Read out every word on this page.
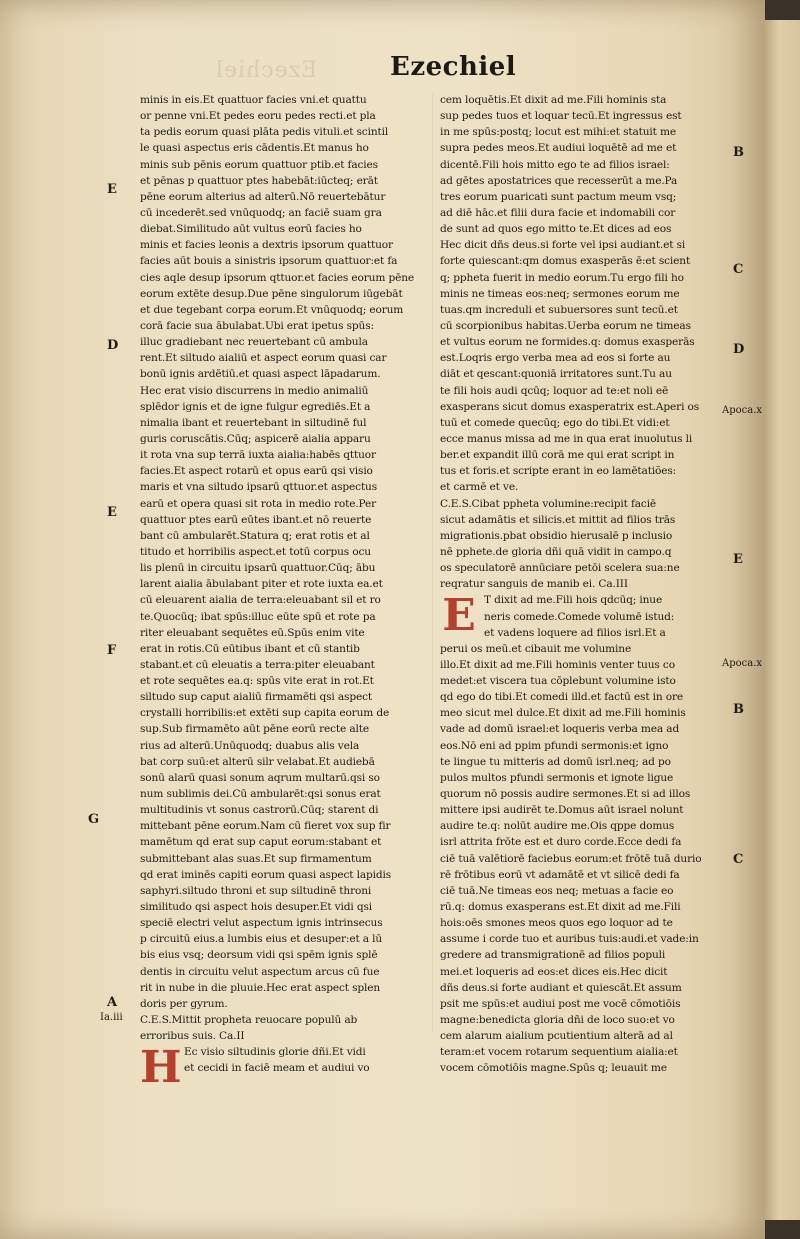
Ezechiel	Ezechiel
minis in eis.Et quattuor facies vni.et quattu
or penne vni.Et pedes eoru pedes recti.et pla
ta pedis eorum quasi plāta pedis vituli.et scintil
le quasi aspectus eris cādentis.Et manus ho
minis sub pēnis eorum quattuor ptib.et facies
et pēnas p quattuor ptes habebāt:iūcteq; erāt
pēne eorum alterius ad alterū.Nō reuertebātur
cū incederēt.sed vnūquodq; an faciē suam gra
diebat.Similitudo aūt vultus eorū facies ho
minis et facies leonis a dextris ipsorum quattuor
facies aūt bouis a sinistris ipsorum quattuor:et fa
cies aqle desup ipsorum qttuor.et facies eorum pēne
eorum extēte desup.Due pēne singulorum iūgebāt
et due tegebant corpa eorum.Et vnūquodq; eorum
corā facie sua ābulabat.Ubi erat ipetus spūs:
illuc gradiebant nec reuertebant cū ambula
rent.Et siltudo aialiū et aspect eorum quasi car
bonū ignis ardētiū.et quasi aspect lāpadarum.
Hec erat visio discurrens in medio animaliū
splēdor ignis et de igne fulgur egrediēs.Et a
nimalia ibant et reuertebant in siltudinē ful
guris coruscātis.Cūq; aspicerē aialia apparu
it rota vna sup terrā iuxta aialia:habēs qttuor
facies.Et aspect rotarū et opus earū qsi visio
maris et vna siltudo ipsarū qttuor.et aspectus
earū et opera quasi sit rota in medio rote.Per
quattuor ptes earū eūtes ibant.et nō reuerte
bant cū ambularēt.Statura q; erat rotis et al
titudo et horribilis aspect.et totū corpus ocu
lis plenū in circuitu ipsarū quattuor.Cūq; ābu
larent aialia ābulabant piter et rote iuxta ea.et
cū eleuarent aialia de terra:eleuabant sil et ro
te.Quocūq; ibat spūs:illuc eūte spū et rote pa
riter eleuabant sequētes eū.Spūs enim vite
erat in rotis.Cū eūtibus ibant et cū stantib
stabant.et cū eleuatis a terra:piter eleuabant
et rote sequētes ea.q: spūs vite erat in rot.Et
siltudo sup caput aialiū firmamēti qsi aspect
crystalli horribilis:et extēti sup capita eorum de
sup.Sub firmamēto aūt pēne eorū recte alte
rius ad alterū.Unūquodq; duabus alis vela
bat corp suū:et alterū silr velabat.Et audiebā
sonū alarū quasi sonum aqrum multarū.qsi so
num sublimis dei.Cū ambularēt:qsi sonus erat
multitudinis vt sonus castrorū.Cūq; starent di
mittebant pēne eorum.Nam cū fieret vox sup fir
mamētum qd erat sup caput eorum:stabant et
submittebant alas suas.Et sup firmamentum
qd erat iminēs capiti eorum quasi aspect lapidis
saphyri.siltudo throni et sup siltudinē throni
similitudo qsi aspect hois desuper.Et vidi qsi
speciē electri velut aspectum ignis intrinsecus
p circuitū eius.a lumbis eius et desuper:et a lū
bis eius vsq; deorsum vidi qsi spēm ignis splē
dentis in circuitu velut aspectum arcus cū fue
rit in nube in die pluuie.Hec erat aspect splen
doris per gyrum.
C.E.S.Mittit propheta reuocare populū ab
erroribus suis. Ca.II
H Ec visio siltudinis glorie dñi.Et vidi
et cecidi in faciē meam et audiui vo
cem loquētis.Et dixit ad me.Fili hominis sta
sup pedes tuos et loquar tecū.Et ingressus est
in me spūs:postq; locut est mihi:et statuit me
supra pedes meos.Et audiui loquētē ad me et
dicentē.Fili hois mitto ego te ad filios israel:
ad gētes apostatrices que recesserūt a me.Pa
tres eorum puaricati sunt pactum meum vsq;
ad diē hāc.et filii dura facie et indomabili cor
de sunt ad quos ego mitto te.Et dices ad eos
Hec dicit dñs deus.si forte vel ipsi audiant.et si
forte quiescant:qm domus exasperās ē:et scient
q; ppheta fuerit in medio eorum.Tu ergo fili ho
minis ne timeas eos:neq; sermones eorum me
tuas.qm increduli et subuersores sunt tecū.et
cū scorpionibus habitas.Uerba eorum ne timeas
et vultus eorum ne formides.q: domus exasperās
est.Loqris ergo verba mea ad eos si forte au
diāt et qescant:quoniā irritatores sunt.Tu au
te fili hois audi qcūq; loquor ad te:et noli eē
exasperans sicut domus exasperatrix est.Aperi os
tuū et comede quecūq; ego do tibi.Et vidi:et
ecce manus missa ad me in qua erat inuolutus li
ber.et expandit illū corā me qui erat script in
tus et foris.et scripte erant in eo lamētatiões:
et carmē et ve.
C.E.S.Cibat ppheta volumine:recipit faciē
sicut adamātis et silicis.et mittit ad filios trās
migrationis.pbat obsidio hierusalē p inclusio
nē pphete.de gloria dñi quā vidit in campo.q
os speculatorē annūciare petōi scelera sua:ne
reqratur sanguis de manib ei. Ca.III
E T dixit ad me.Fili hois qdcūq; inue
neris comede.Comede volumē istud:
et vadens loquere ad filios isrl.Et a
perui os meū.et cibauit me volumine
illo.Et dixit ad me.Fili hominis venter tuus co
medet:et viscera tua cōplebunt volumine isto
qd ego do tibi.Et comedi illd.et factū est in ore
meo sicut mel dulce.Et dixit ad me.Fili hominis
vade ad domū israel:et loqueris verba mea ad
eos.Nō eni ad ppim pfundi sermonis:et igno
te lingue tu mitteris ad domū isrl.neq; ad po
pulos multos pfundi sermonis et ignote ligue
quorum nō possis audire sermones.Et si ad illos
mittere ipsi audirēt te.Domus aūt israel nolunt
audire te.q: nolūt audire me.Ois qppe domus
isrl attrita frōte est et duro corde.Ecce dedi fa
ciē tuā valētiorē faciebus eorum:et frōtē tuā durio
rē frōtibus eorū vt adamātē et vt silicē dedi fa
ciē tuā.Ne timeas eos neq; metuas a facie eo
rū.q: domus exasperans est.Et dixit ad me.Fili
hois:oēs smones meos quos ego loquor ad te
assume i corde tuo et auribus tuis:audi.et vade:in
gredere ad transmigrationē ad filios populi
mei.et loqueris ad eos:et dices eis.Hec dicit
dñs deus.si forte audiant et quiescāt.Et assum
psit me spūs:et audiui post me vocē cōmotiōis
magne:benedicta gloria dñi de loco suo:et vo
cem alarum aialium pcutientium alterā ad al
teram:et vocem rotarum sequentium aialia:et
vocem cōmotiōis magne.Spūs q; leuauit me
E
D
E
F
G
A
Ia.iii
B
C
D
Apoca.x
E
Apoca.x
B
C
